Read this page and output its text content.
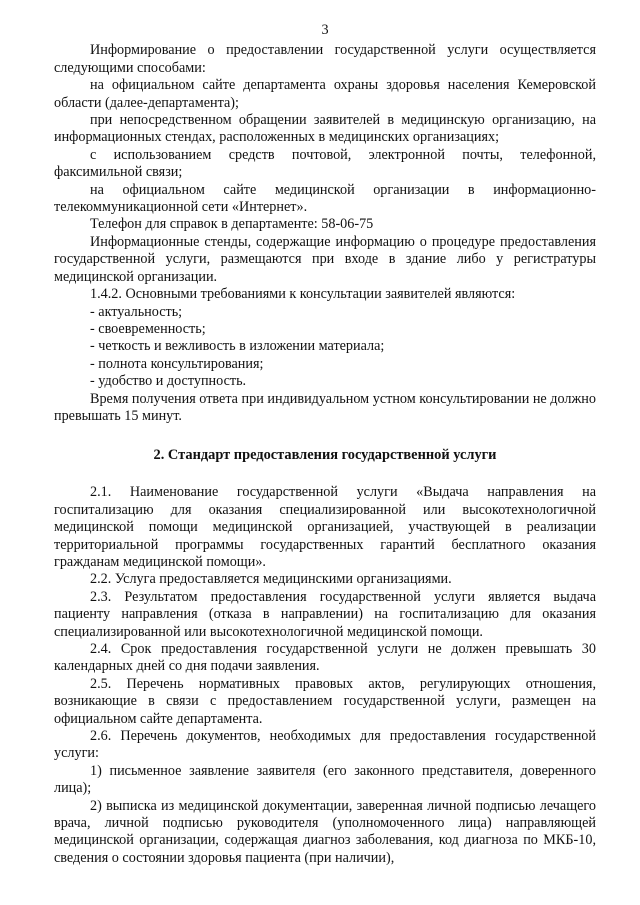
3

Информирование о предоставлении государственной услуги осуществляется следующими способами:

на официальном сайте департамента охраны здоровья населения Кемеровской области (далее-департамента);

при непосредственном обращении заявителей в медицинскую организацию, на информационных стендах, расположенных в медицинских организациях;

с использованием средств почтовой, электронной почты, телефонной, факсимильной связи;

на официальном сайте медицинской организации в информационно-телекоммуникационной сети «Интернет».

Телефон для справок в департаменте: 58-06-75

Информационные стенды, содержащие информацию о процедуре предоставления государственной услуги, размещаются при входе в здание либо у регистратуры медицинской организации.

1.4.2. Основными требованиями к консультации заявителей являются:

- актуальность;

- своевременность;

- четкость и вежливость в изложении материала;

- полнота консультирования;

- удобство и доступность.

Время получения ответа при индивидуальном устном консультировании не должно превышать 15 минут.

2. Стандарт предоставления государственной услуги

2.1. Наименование государственной услуги «Выдача направления на госпитализацию для оказания специализированной или высокотехнологичной медицинской помощи медицинской организацией, участвующей в реализации территориальной программы государственных гарантий бесплатного оказания гражданам медицинской помощи».

2.2. Услуга предоставляется медицинскими организациями.

2.3. Результатом предоставления государственной услуги является выдача пациенту направления (отказа в направлении) на госпитализацию для оказания специализированной или высокотехнологичной медицинской помощи.

2.4. Срок предоставления государственной услуги не должен превышать 30 календарных дней со дня подачи заявления.

2.5. Перечень нормативных правовых актов, регулирующих отношения, возникающие в связи с предоставлением государственной услуги, размещен на официальном сайте департамента.

2.6. Перечень документов, необходимых для предоставления государственной услуги:

1) письменное заявление заявителя (его законного представителя, доверенного лица);

2) выписка из медицинской документации, заверенная личной подписью лечащего врача, личной подписью руководителя (уполномоченного лица) направляющей медицинской организации, содержащая диагноз заболевания, код диагноза по МКБ-10, сведения о состоянии здоровья пациента (при наличии),
